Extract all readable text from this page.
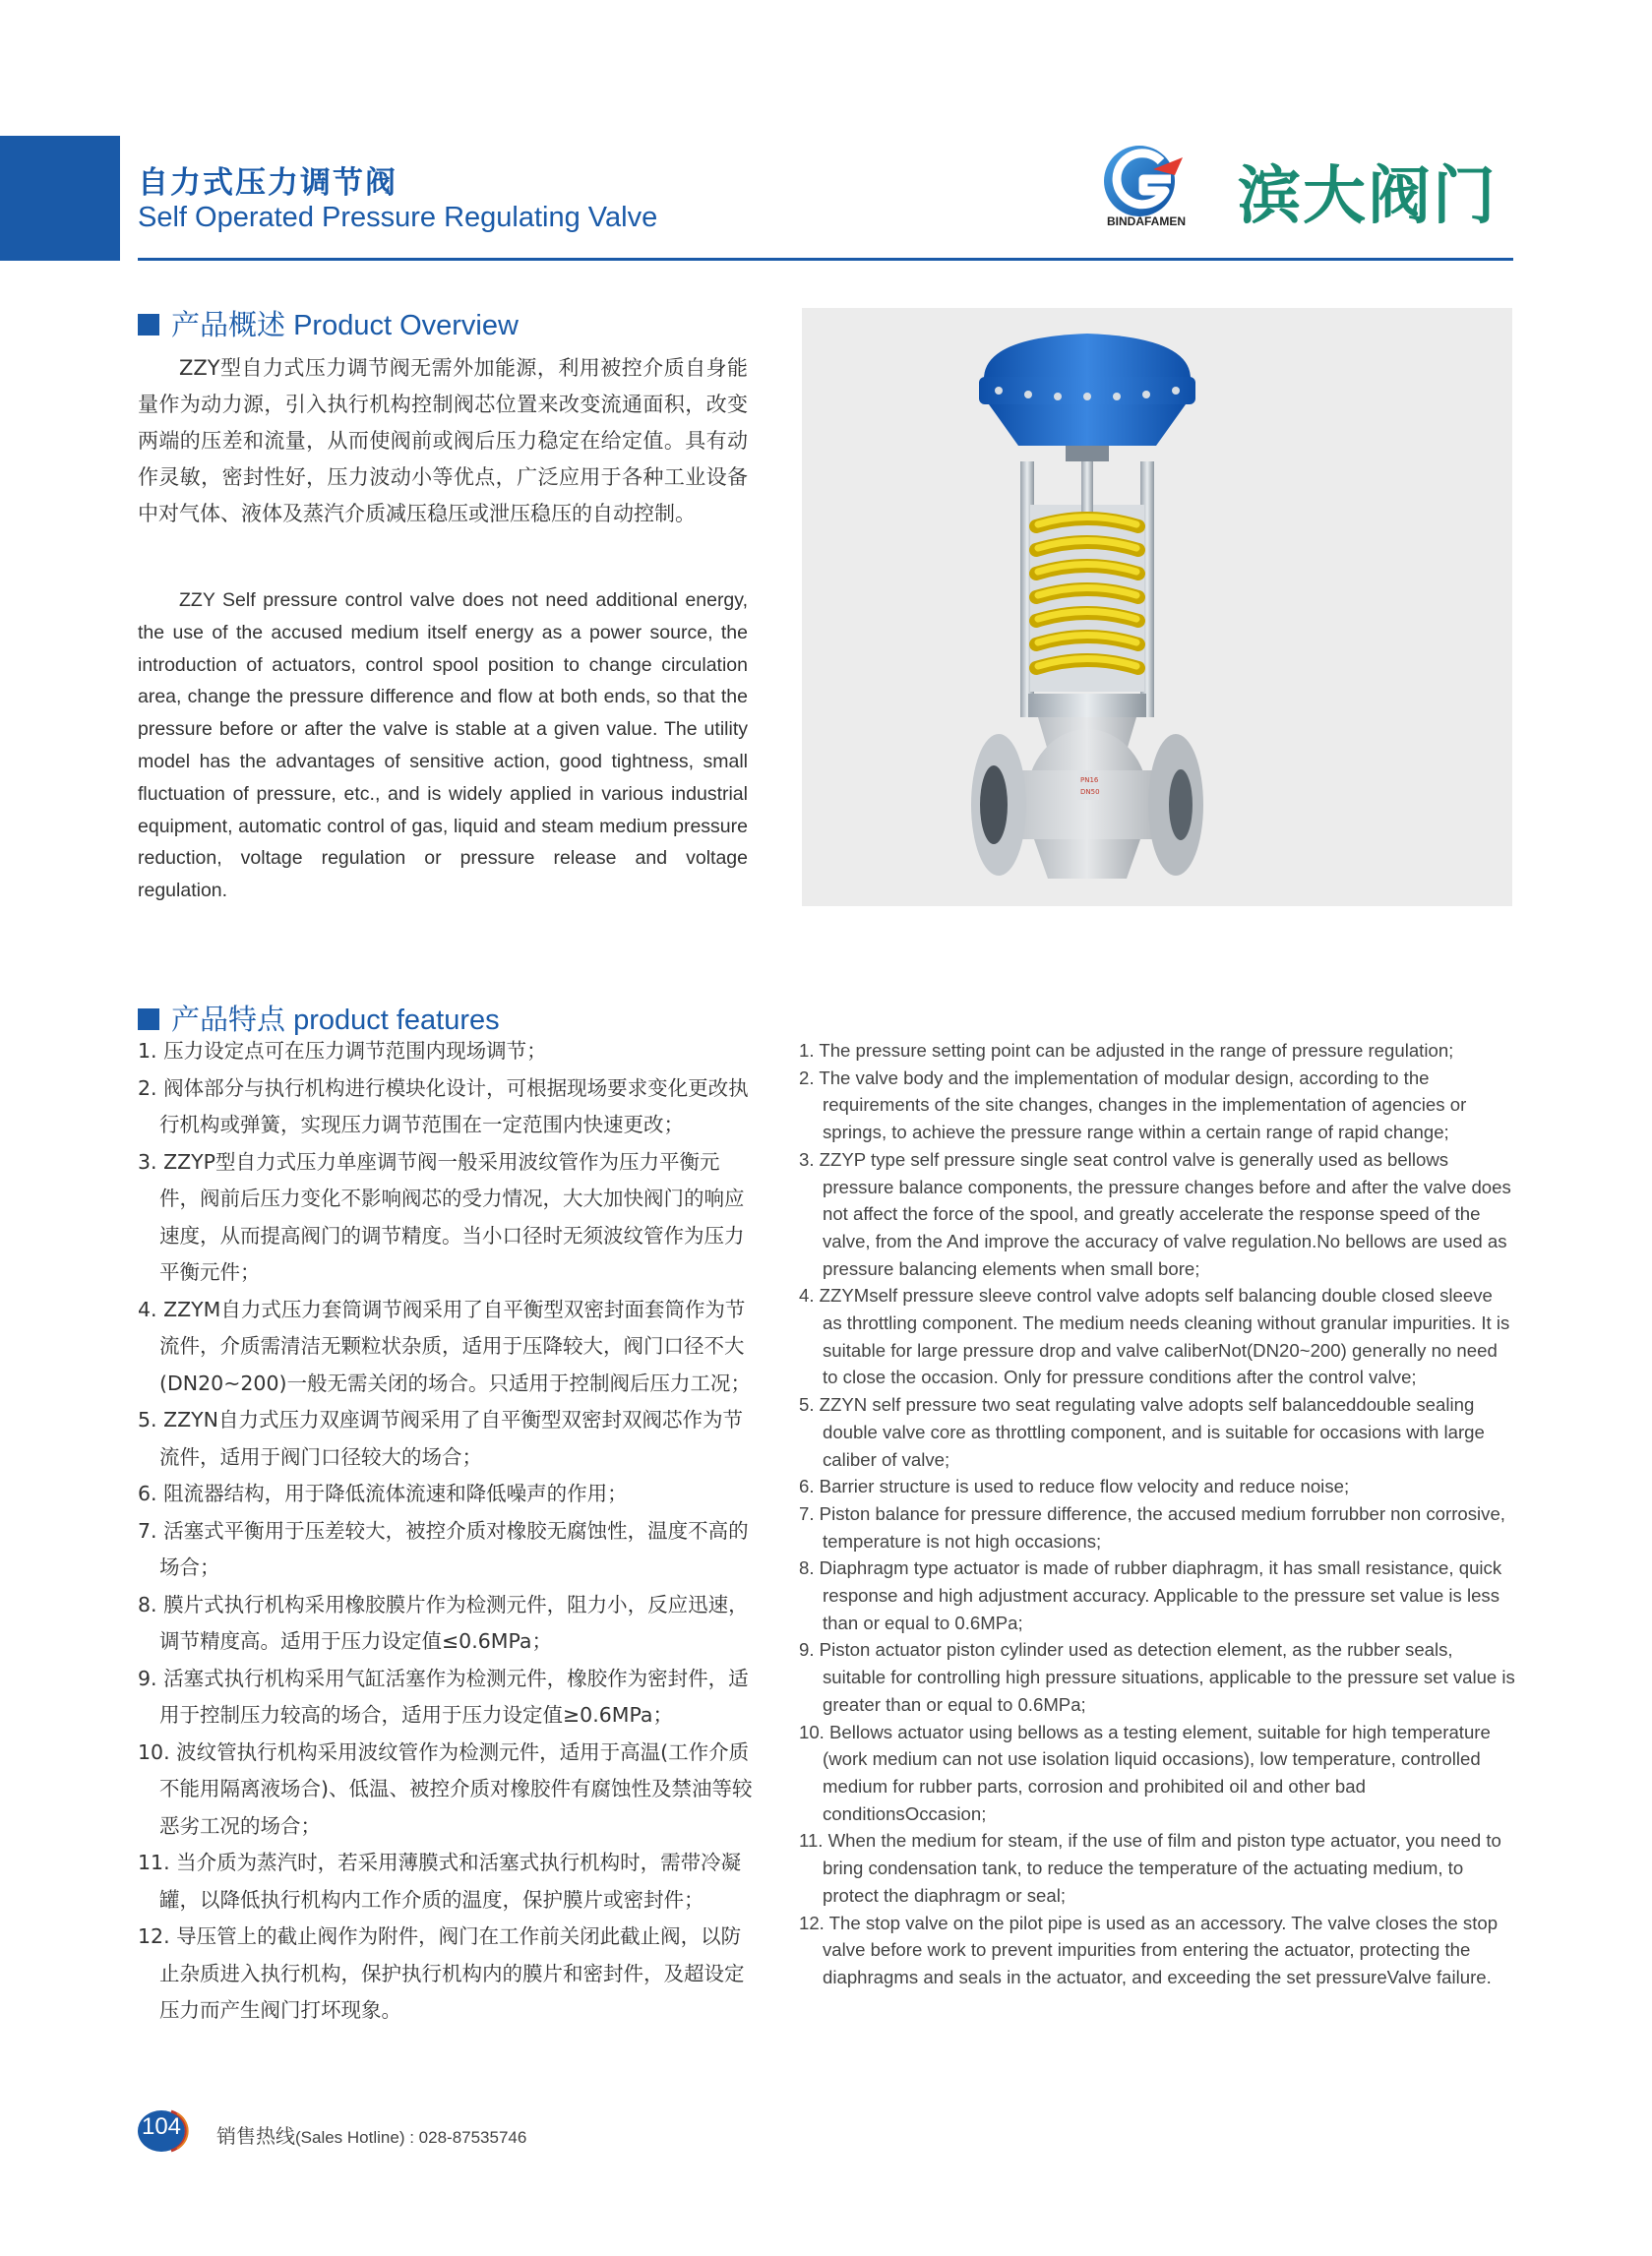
自力式压力调节阀
Self Operated Pressure Regulating Valve	BINDAFAMEN 滨大阀门
产品概述 Product Overview
ZZY型自力式压力调节阀无需外加能源，利用被控介质自身能量作为动力源，引入执行机构控制阀芯位置来改变流通面积，改变两端的压差和流量，从而使阀前或阀后压力稳定在给定值。具有动作灵敏，密封性好，压力波动小等优点，广泛应用于各种工业设备中对气体、液体及蒸汽介质减压稳压或泄压稳压的自动控制。
ZZY Self pressure control valve does not need additional energy, the use of the accused medium itself energy as a power source, the introduction of actuators, control spool position to change circulation area, change the pressure difference and flow at both ends, so that the pressure before or after the valve is stable at a given value. The utility model has the advantages of sensitive action, good tightness, small fluctuation of pressure, etc., and is widely applied in various industrial equipment, automatic control of gas, liquid and steam medium pressure reduction, voltage regulation or pressure release and voltage regulation.
PN16
DN50
产品特点 product features
1. 压力设定点可在压力调节范围内现场调节；
2. 阀体部分与执行机构进行模块化设计，可根据现场要求变化更改执行机构或弹簧，实现压力调节范围在一定范围内快速更改；
3. ZZYP型自力式压力单座调节阀一般采用波纹管作为压力平衡元件，阀前后压力变化不影响阀芯的受力情况，大大加快阀门的响应速度，从而提高阀门的调节精度。当小口径时无须波纹管作为压力平衡元件；
4. ZZYM自力式压力套筒调节阀采用了自平衡型双密封面套筒作为节流件，介质需清洁无颗粒状杂质，适用于压降较大，阀门口径不大(DN20~200)一般无需关闭的场合。只适用于控制阀后压力工况；
5. ZZYN自力式压力双座调节阀采用了自平衡型双密封双阀芯作为节流件，适用于阀门口径较大的场合；
6. 阻流器结构，用于降低流体流速和降低噪声的作用；
7. 活塞式平衡用于压差较大，被控介质对橡胶无腐蚀性，温度不高的场合；
8. 膜片式执行机构采用橡胶膜片作为检测元件，阻力小，反应迅速，调节精度高。适用于压力设定值≤0.6MPa；
9. 活塞式执行机构采用气缸活塞作为检测元件，橡胶作为密封件，适用于控制压力较高的场合，适用于压力设定值≥0.6MPa；
10. 波纹管执行机构采用波纹管作为检测元件，适用于高温(工作介质不能用隔离液场合)、低温、被控介质对橡胶件有腐蚀性及禁油等较恶劣工况的场合；
11. 当介质为蒸汽时，若采用薄膜式和活塞式执行机构时，需带冷凝罐，以降低执行机构内工作介质的温度，保护膜片或密封件；
12. 导压管上的截止阀作为附件，阀门在工作前关闭此截止阀，以防止杂质进入执行机构，保护执行机构内的膜片和密封件，及超设定压力而产生阀门打坏现象。
1. The pressure setting point can be adjusted in the range of pressure regulation;
2. The valve body and the implementation of modular design, according to the requirements of the site changes, changes in the implementation of agencies or springs, to achieve the pressure range within a certain range of rapid change;
3. ZZYP type self pressure single seat control valve is generally used as bellows pressure balance components, the pressure changes before and after the valve does not affect the force of the spool, and greatly accelerate the response speed of the valve, from the And improve the accuracy of valve regulation.No bellows are used as pressure balancing elements when small bore;
4. ZZYMself pressure sleeve control valve adopts self balancing double closed sleeve as throttling component. The medium needs cleaning without granular impurities. It is suitable for large pressure drop and valve caliberNot(DN20~200) generally no need to close the occasion. Only for pressure conditions after the control valve;
5. ZZYN self pressure two seat regulating valve adopts self balanceddouble sealing double valve core as throttling component, and is suitable for occasions with large caliber of valve;
6. Barrier structure is used to reduce flow velocity and reduce noise;
7. Piston balance for pressure difference, the accused medium forrubber non corrosive, temperature is not high occasions;
8. Diaphragm type actuator is made of rubber diaphragm, it has small resistance, quick response and high adjustment accuracy. Applicable to the pressure set value is less than or equal to 0.6MPa;
9. Piston actuator piston cylinder used as detection element, as the rubber seals, suitable for controlling high pressure situations, applicable to the pressure set value is greater than or equal to 0.6MPa;
10. Bellows actuator using bellows as a testing element, suitable for high temperature (work medium can not use isolation liquid occasions), low temperature, controlled medium for rubber parts, corrosion and prohibited oil and other bad conditionsOccasion;
11. When the medium for steam, if the use of film and piston type actuator, you need to bring condensation tank, to reduce the temperature of the actuating medium, to protect the diaphragm or seal;
12. The stop valve on the pilot pipe is used as an accessory. The valve closes the stop valve before work to prevent impurities from entering the actuator, protecting the diaphragms and seals in the actuator, and exceeding the set pressureValve failure.
104 销售热线(Sales Hotline) : 028-87535746
